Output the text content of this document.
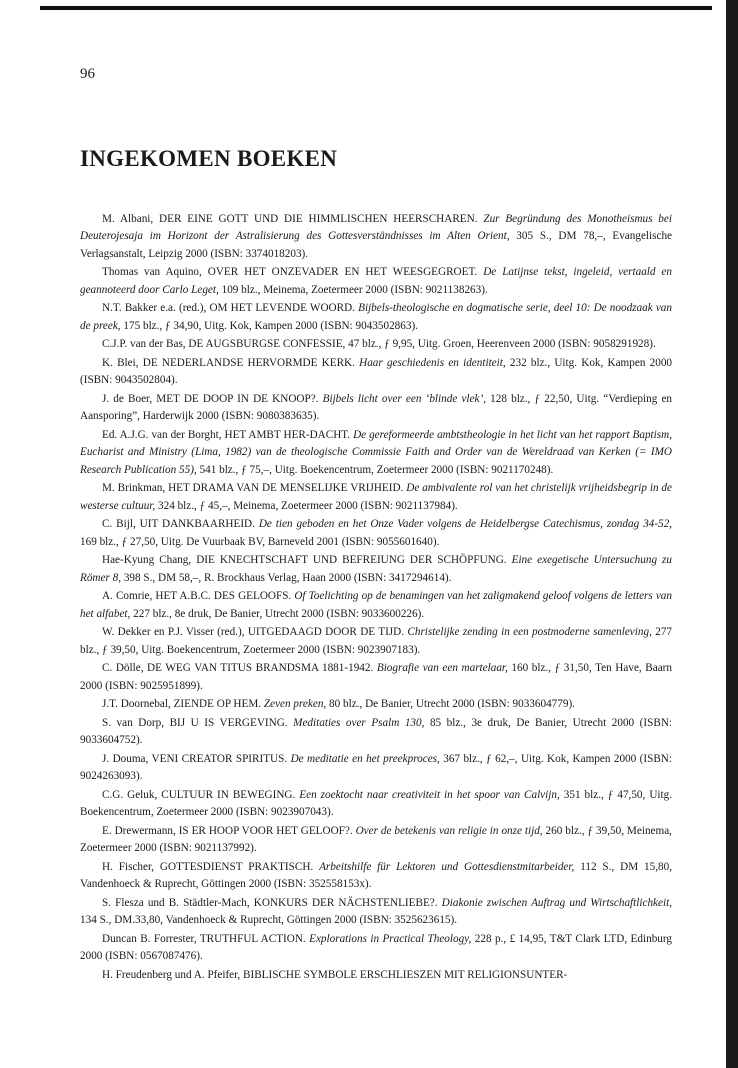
96
INGEKOMEN BOEKEN

M. Albani, DER EINE GOTT UND DIE HIMMLISCHEN HEERSCHAREN. Zur Begründung des Monotheismus bei Deuterojesaja im Horizont der Astralisierung des Gottesverständnisses im Alten Orient, 305 S., DM 78,–, Evangelische Verlagsanstalt, Leipzig 2000 (ISBN: 3374018203).

Thomas van Aquino, OVER HET ONZEVADER EN HET WEESGEGROET. De Latijnse tekst, ingeleid, vertaald en geannoteerd door Carlo Leget, 109 blz., Meinema, Zoetermeer 2000 (ISBN: 9021138263).

N.T. Bakker e.a. (red.), OM HET LEVENDE WOORD. Bijbels-theologische en dogmatische serie, deel 10: De noodzaak van de preek, 175 blz., ƒ 34,90, Uitg. Kok, Kampen 2000 (ISBN: 9043502863).

C.J.P. van der Bas, DE AUGSBURGSE CONFESSIE, 47 blz., ƒ 9,95, Uitg. Groen, Heerenveen 2000 (ISBN: 9058291928).

K. Blei, DE NEDERLANDSE HERVORMDE KERK. Haar geschiedenis en identiteit, 232 blz., Uitg. Kok, Kampen 2000 (ISBN: 9043502804).

J. de Boer, MET DE DOOP IN DE KNOOP?. Bijbels licht over een ‘blinde vlek’, 128 blz., ƒ 22,50, Uitg. “Verdieping en Aansporing”, Harderwijk 2000 (ISBN: 9080383635).

Ed. A.J.G. van der Borght, HET AMBT HER-DACHT. De gereformeerde ambtstheologie in het licht van het rapport Baptism, Eucharist and Ministry (Lima, 1982) van de theologische Commissie Faith and Order van de Wereldraad van Kerken (= IMO Research Publication 55), 541 blz., ƒ 75,–, Uitg. Boekencentrum, Zoetermeer 2000 (ISBN: 9021170248).

M. Brinkman, HET DRAMA VAN DE MENSELIJKE VRIJHEID. De ambivalente rol van het christelijk vrijheidsbegrip in de westerse cultuur, 324 blz., ƒ 45,–, Meinema, Zoetermeer 2000 (ISBN: 9021137984).

C. Bijl, UIT DANKBAARHEID. De tien geboden en het Onze Vader volgens de Heidelbergse Catechismus, zondag 34-52, 169 blz., ƒ 27,50, Uitg. De Vuurbaak BV, Barneveld 2001 (ISBN: 9055601640).

Hae-Kyung Chang, DIE KNECHTSCHAFT UND BEFREIUNG DER SCHÖPFUNG. Eine exegetische Untersuchung zu Römer 8, 398 S., DM 58,–, R. Brockhaus Verlag, Haan 2000 (ISBN: 3417294614).

A. Comrie, HET A.B.C. DES GELOOFS. Of Toelichting op de benamingen van het zaligmakend geloof volgens de letters van het alfabet, 227 blz., 8e druk, De Banier, Utrecht 2000 (ISBN: 9033600226).

W. Dekker en P.J. Visser (red.), UITGEDAAGD DOOR DE TIJD. Christelijke zending in een postmoderne samenleving, 277 blz., ƒ 39,50, Uitg. Boekencentrum, Zoetermeer 2000 (ISBN: 9023907183).

C. Dölle, DE WEG VAN TITUS BRANDSMA 1881-1942. Biografie van een martelaar, 160 blz., ƒ 31,50, Ten Have, Baarn 2000 (ISBN: 9025951899).

J.T. Doornebal, ZIENDE OP HEM. Zeven preken, 80 blz., De Banier, Utrecht 2000 (ISBN: 9033604779).

S. van Dorp, BIJ U IS VERGEVING. Meditaties over Psalm 130, 85 blz., 3e druk, De Banier, Utrecht 2000 (ISBN: 9033604752).

J. Douma, VENI CREATOR SPIRITUS. De meditatie en het preekproces, 367 blz., ƒ 62,–, Uitg. Kok, Kampen 2000 (ISBN: 9024263093).

C.G. Geluk, CULTUUR IN BEWEGING. Een zoektocht naar creativiteit in het spoor van Calvijn, 351 blz., ƒ 47,50, Uitg. Boekencentrum, Zoetermeer 2000 (ISBN: 9023907043).

E. Drewermann, IS ER HOOP VOOR HET GELOOF?. Over de betekenis van religie in onze tijd, 260 blz., ƒ 39,50, Meinema, Zoetermeer 2000 (ISBN: 9021137992).

H. Fischer, GOTTESDIENST PRAKTISCH. Arbeitshilfe für Lektoren und Gottesdienstmitarbeider, 112 S., DM 15,80, Vandenhoeck & Ruprecht, Göttingen 2000 (ISBN: 352558153x).

S. Flesza und B. Städtler-Mach, KONKURS DER NÄCHSTENLIEBE?. Diakonie zwischen Auftrag und Wirtschaftlichkeit, 134 S., DM.33,80, Vandenhoeck & Ruprecht, Göttingen 2000 (ISBN: 3525623615).

Duncan B. Forrester, TRUTHFUL ACTION. Explorations in Practical Theology, 228 p., £ 14,95, T&T Clark LTD, Edinburg 2000 (ISBN: 0567087476).

H. Freudenberg und A. Pfeifer, BIBLISCHE SYMBOLE ERSCHLIESZEN MIT RELIGIONSUNTER-
